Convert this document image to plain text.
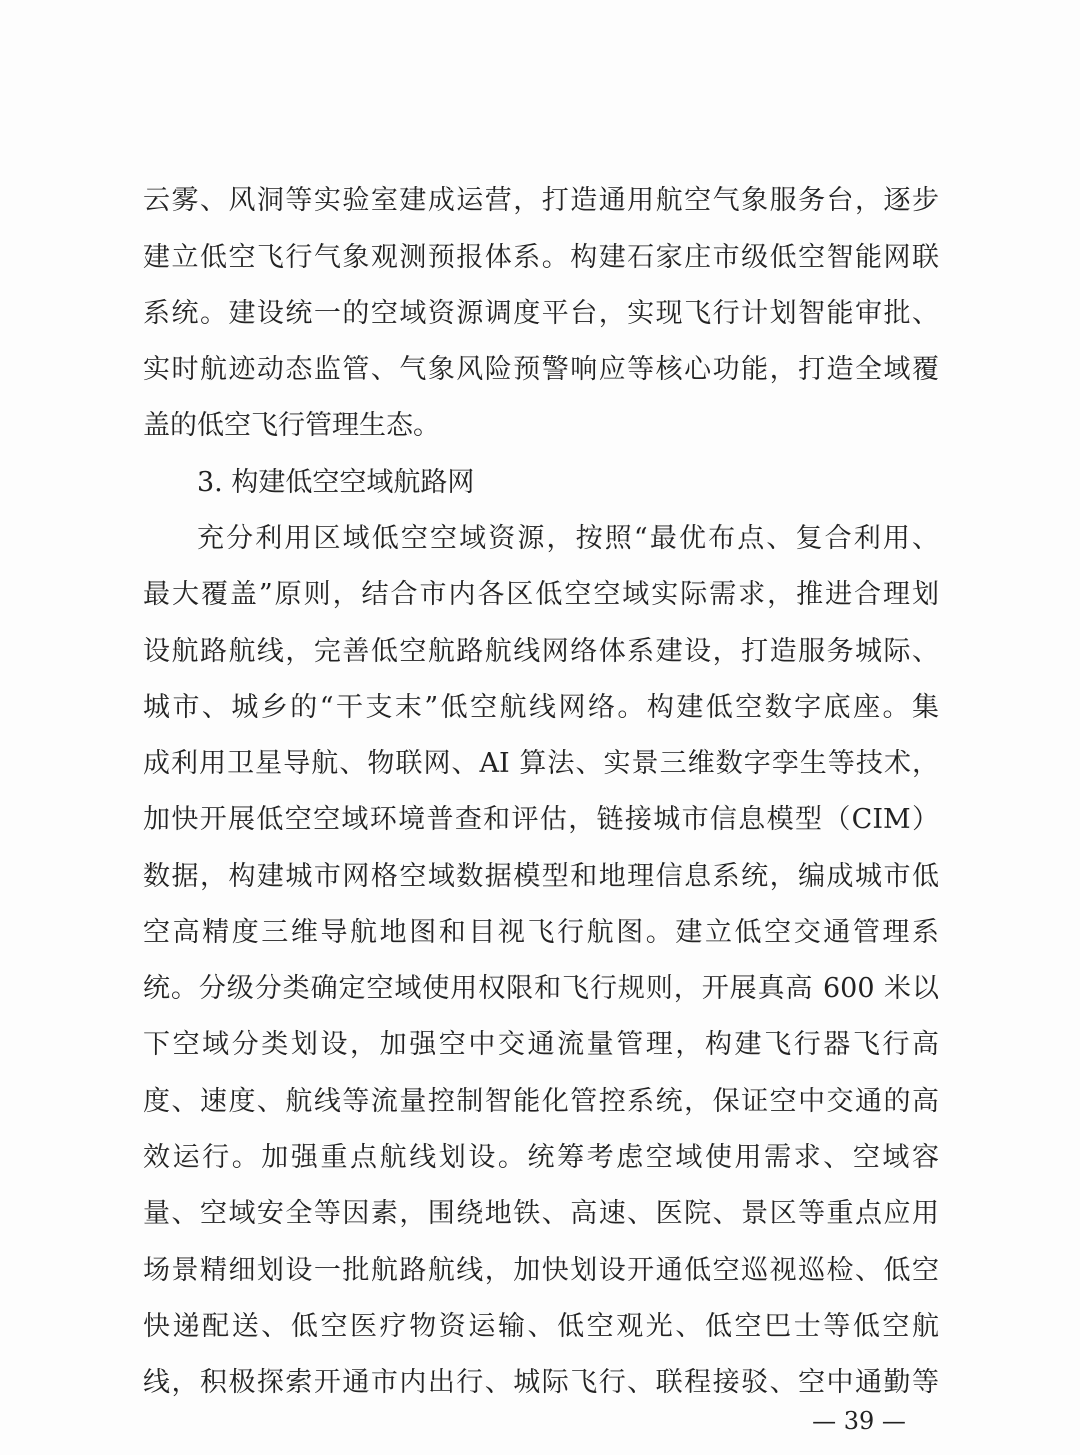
云雾、风洞等实验室建成运营，打造通用航空气象服务台，逐步
建立低空飞行气象观测预报体系。构建石家庄市级低空智能网联
系统。建设统一的空域资源调度平台，实现飞行计划智能审批、
实时航迹动态监管、气象风险预警响应等核心功能，打造全域覆
盖的低空飞行管理生态。
3. 构建低空空域航路网
充分利用区域低空空域资源，按照“最优布点、复合利用、
最大覆盖”原则，结合市内各区低空空域实际需求，推进合理划
设航路航线，完善低空航路航线网络体系建设，打造服务城际、
城市、城乡的“干支末”低空航线网络。构建低空数字底座。集
成利用卫星导航、物联网、AI 算法、实景三维数字孪生等技术，
加快开展低空空域环境普查和评估，链接城市信息模型（CIM）
数据，构建城市网格空域数据模型和地理信息系统，编成城市低
空高精度三维导航地图和目视飞行航图。建立低空交通管理系
统。分级分类确定空域使用权限和飞行规则，开展真高 600 米以
下空域分类划设，加强空中交通流量管理，构建飞行器飞行高
度、速度、航线等流量控制智能化管控系统，保证空中交通的高
效运行。加强重点航线划设。统筹考虑空域使用需求、空域容
量、空域安全等因素，围绕地铁、高速、医院、景区等重点应用
场景精细划设一批航路航线，加快划设开通低空巡视巡检、低空
快递配送、低空医疗物资运输、低空观光、低空巴士等低空航
线，积极探索开通市内出行、城际飞行、联程接驳、空中通勤等
— 39 —
